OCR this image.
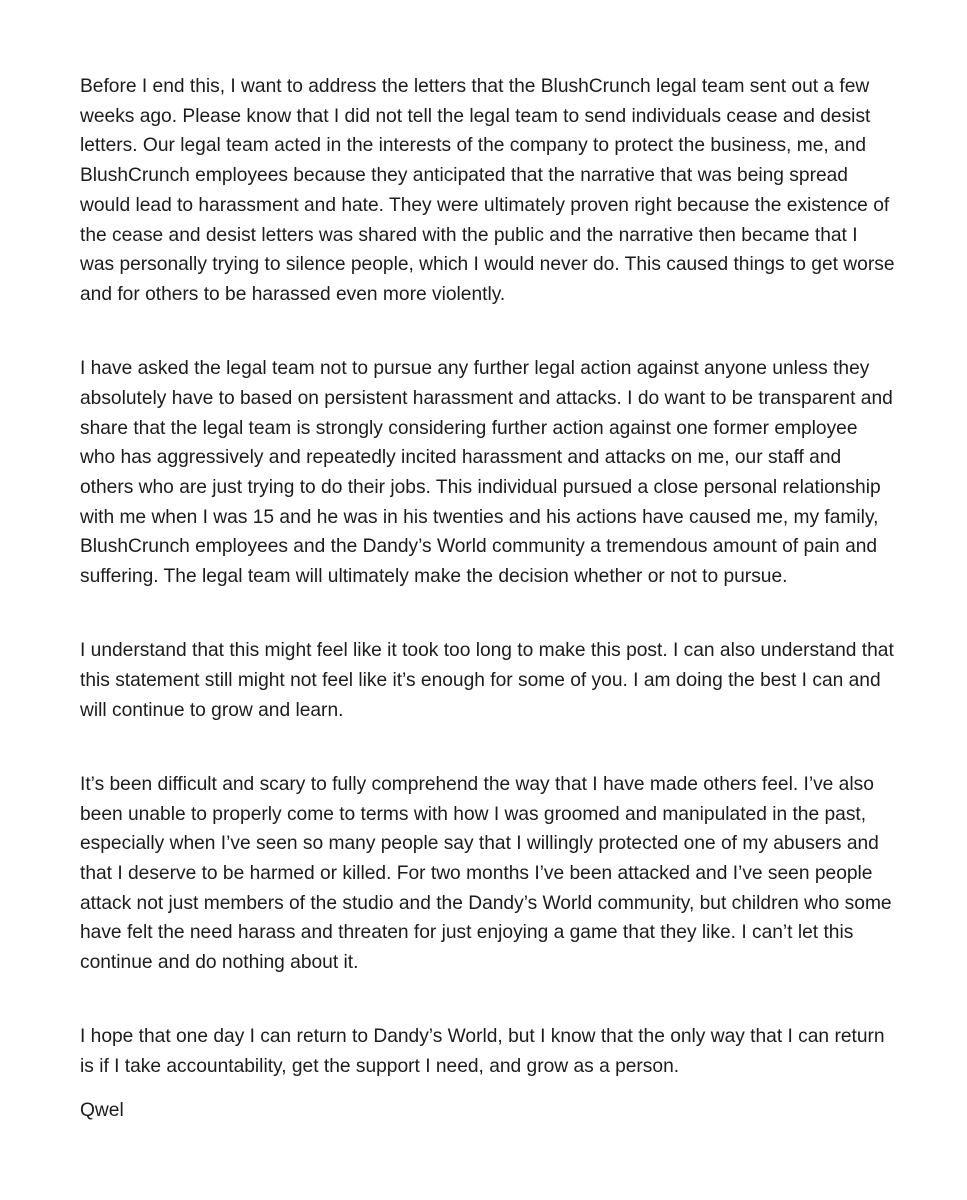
Before I end this, I want to address the letters that the BlushCrunch legal team sent out a few weeks ago. Please know that I did not tell the legal team to send individuals cease and desist letters. Our legal team acted in the interests of the company to protect the business, me, and BlushCrunch employees because they anticipated that the narrative that was being spread would lead to harassment and hate. They were ultimately proven right because the existence of the cease and desist letters was shared with the public and the narrative then became that I was personally trying to silence people, which I would never do. This caused things to get worse and for others to be harassed even more violently.

I have asked the legal team not to pursue any further legal action against anyone unless they absolutely have to based on persistent harassment and attacks. I do want to be transparent and share that the legal team is strongly considering further action against one former employee who has aggressively and repeatedly incited harassment and attacks on me, our staff and others who are just trying to do their jobs. This individual pursued a close personal relationship with me when I was 15 and he was in his twenties and his actions have caused me, my family, BlushCrunch employees and the Dandy’s World community a tremendous amount of pain and suffering. The legal team will ultimately make the decision whether or not to pursue.

I understand that this might feel like it took too long to make this post. I can also understand that this statement still might not feel like it’s enough for some of you. I am doing the best I can and will continue to grow and learn.

It’s been difficult and scary to fully comprehend the way that I have made others feel. I’ve also been unable to properly come to terms with how I was groomed and manipulated in the past, especially when I’ve seen so many people say that I willingly protected one of my abusers and that I deserve to be harmed or killed. For two months I’ve been attacked and I’ve seen people attack not just members of the studio and the Dandy’s World community, but children who some have felt the need harass and threaten for just enjoying a game that they like. I can’t let this continue and do nothing about it.

I hope that one day I can return to Dandy’s World, but I know that the only way that I can return is if I take accountability, get the support I need, and grow as a person.

Qwel
